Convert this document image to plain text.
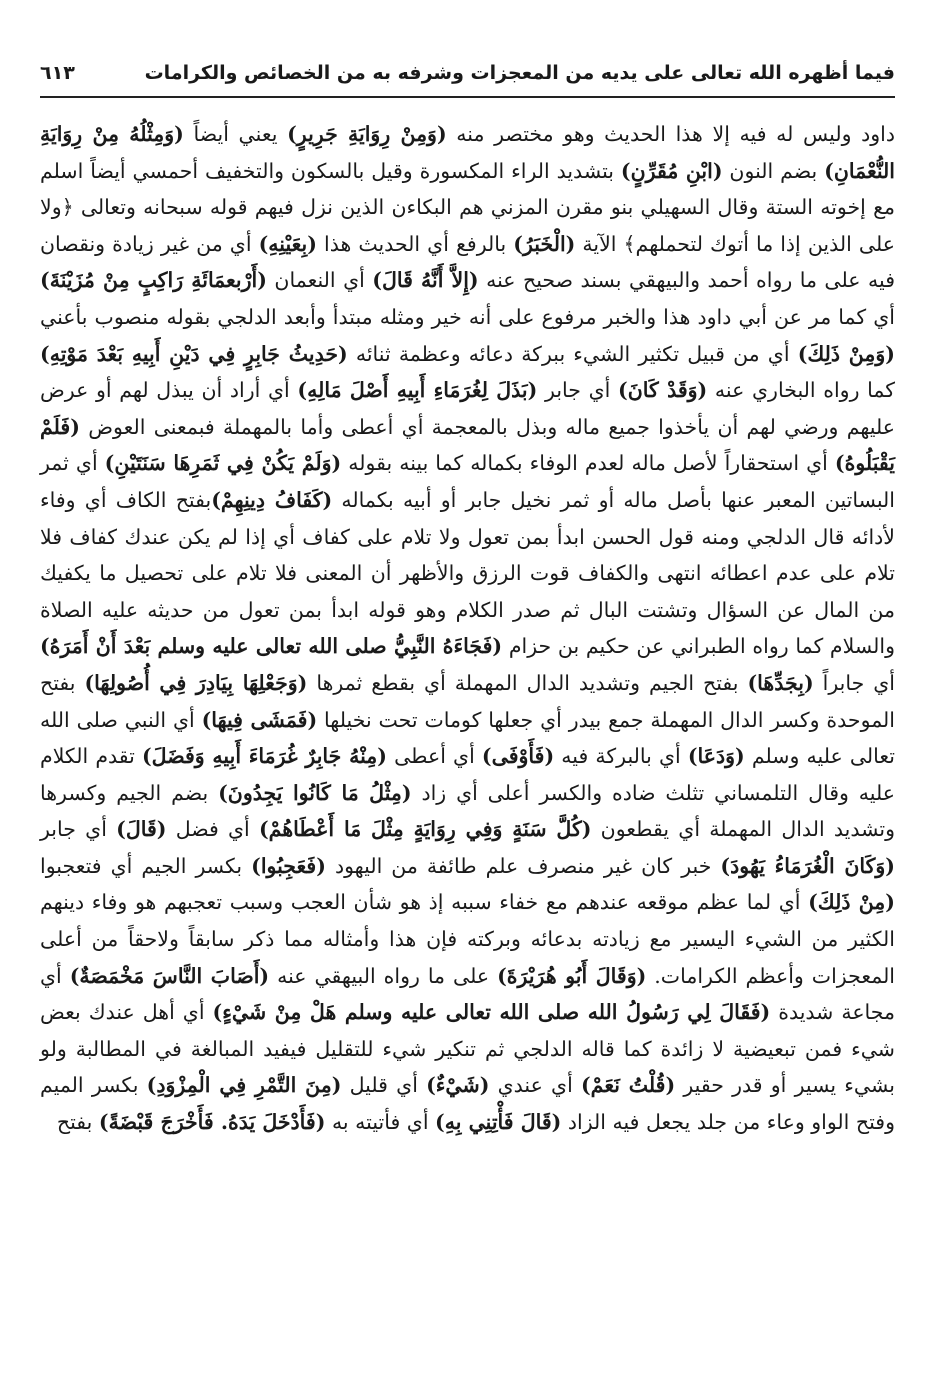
فيما أظهره الله تعالى على يديه من المعجزات وشرفه به من الخصائص والكرامات
٦١٣

داود وليس له فيه إلا هذا الحديث وهو مختصر منه (وَمِنْ رِوَايَةِ جَرِيرٍ) يعني أيضاً (وَمِثْلُهُ مِنْ رِوَايَةِ النُّعْمَانِ) بضم النون (ابْنِ مُقَرِّنٍ) بتشديد الراء المكسورة وقيل بالسكون والتخفيف أحمسي أيضاً اسلم مع إخوته الستة وقال السهيلي بنو مقرن المزني هم البكاءن الذين نزل فيهم قوله سبحانه وتعالى ﴿ولا على الذين إذا ما أتوك لتحملهم﴾ الآية (الْخَبَرُ) بالرفع أي الحديث هذا (بِعَيْنِهِ) أي من غير زيادة ونقصان فيه على ما رواه أحمد والبيهقي بسند صحيح عنه (إِلاَّ أَنَّهُ قَالَ) أي النعمان (أَرْبعمَائَةِ رَاكِبٍ مِنْ مُزَيْنَةَ) أي كما مر عن أبي داود هذا والخبر مرفوع على أنه خير ومثله مبتدأ وأبعد الدلجي بقوله منصوب بأعني (وَمِنْ ذَلِكَ) أي من قبيل تكثير الشيء ببركة دعائه وعظمة ثنائه (حَدِيثُ جَابِرٍ فِي دَيْنِ أَبِيهِ بَعْدَ مَوْتِهِ) كما رواه البخاري عنه (وَقَدْ كَانَ) أي جابر (بَذَلَ لِغُرَمَاءِ أَبِيهِ أَصْلَ مَالِهِ) أي أراد أن يبذل لهم أو عرض عليهم ورضي لهم أن يأخذوا جميع ماله وبذل بالمعجمة أي أعطى وأما بالمهملة فبمعنى العوض (فَلَمْ يَقْبَلُوهُ) أي استحقاراً لأصل ماله لعدم الوفاء بكماله كما بينه بقوله (وَلَمْ يَكُنْ فِي ثَمَرِهَا سَنَتَيْنِ) أي ثمر البساتين المعبر عنها بأصل ماله أو ثمر نخيل جابر أو أبيه بكماله (كَفَافُ دِينِهِمْ)بفتح الكاف أي وفاء لأدائه قال الدلجي ومنه قول الحسن ابدأ بمن تعول ولا تلام على كفاف أي إذا لم يكن عندك كفاف فلا تلام على عدم اعطائه انتهى والكفاف قوت الرزق والأظهر أن المعنى فلا تلام على تحصيل ما يكفيك من المال عن السؤال وتشتت البال ثم صدر الكلام وهو قوله ابدأ بمن تعول من حديثه عليه الصلاة والسلام كما رواه الطبراني عن حكيم بن حزام (فَجَاءَهُ النَّبِيُّ صلى الله تعالى عليه وسلم بَعْدَ أَنْ أَمَرَهُ) أي جابراً (بِجَدِّهَا) بفتح الجيم وتشديد الدال المهملة أي بقطع ثمرها (وَجَعْلِهَا بِيَادِرَ فِي أُصُولِهَا) بفتح الموحدة وكسر الدال المهملة جمع بيدر أي جعلها كومات تحت نخيلها (فَمَشَى فِيهَا) أي النبي صلى الله تعالى عليه وسلم (وَدَعَا) أي بالبركة فيه (فَأَوْفَى) أي أعطى (مِنْهُ جَابِرٌ غُرَمَاءَ أَبِيهِ وَفَضَلَ) تقدم الكلام عليه وقال التلمساني تثلث ضاده والكسر أعلى أي زاد (مِثْلُ مَا كَانُوا يَجِدُونَ) بضم الجيم وكسرها وتشديد الدال المهملة أي يقطعون (كُلَّ سَنَةٍ وَفِي رِوَايَةٍ مِثْلَ مَا أَعْطَاهُمْ) أي فضل (قَالَ) أي جابر (وَكَانَ الْغُرَمَاءُ يَهُودَ) خبر كان غير منصرف علم طائفة من اليهود (فَعَجِبُوا) بكسر الجيم أي فتعجبوا (مِنْ ذَلِكَ) أي لما عظم موقعه عندهم مع خفاء سببه إذ هو شأن العجب وسبب تعجبهم هو وفاء دينهم الكثير من الشيء اليسير مع زيادته بدعائه وبركته فإن هذا وأمثاله مما ذكر سابقاً ولاحقاً من أعلى المعجزات وأعظم الكرامات. (وَقَالَ أَبُو هُرَيْرَةَ) على ما رواه البيهقي عنه (أَصَابَ النَّاسَ مَخْمَصَةٌ) أي مجاعة شديدة (فَقَالَ لِي رَسُولُ الله صلى الله تعالى عليه وسلم هَلْ مِنْ شَيْءٍ) أي أهل عندك بعض شيء فمن تبعيضية لا زائدة كما قاله الدلجي ثم تنكير شيء للتقليل فيفيد المبالغة في المطالبة ولو بشيء يسير أو قدر حقير (قُلْتُ نَعَمْ) أي عندي (شَيْءٌ) أي قليل (مِنَ التَّمْرِ فِي الْمِزْوَدِ) بكسر الميم وفتح الواو وعاء من جلد يجعل فيه الزاد (قَالَ فَأْتِنِي بِهِ) أي فأتيته به (فَأَدْخَلَ يَدَهُ. فَأَخْرَجَ قَبْضَةً) بفتح
